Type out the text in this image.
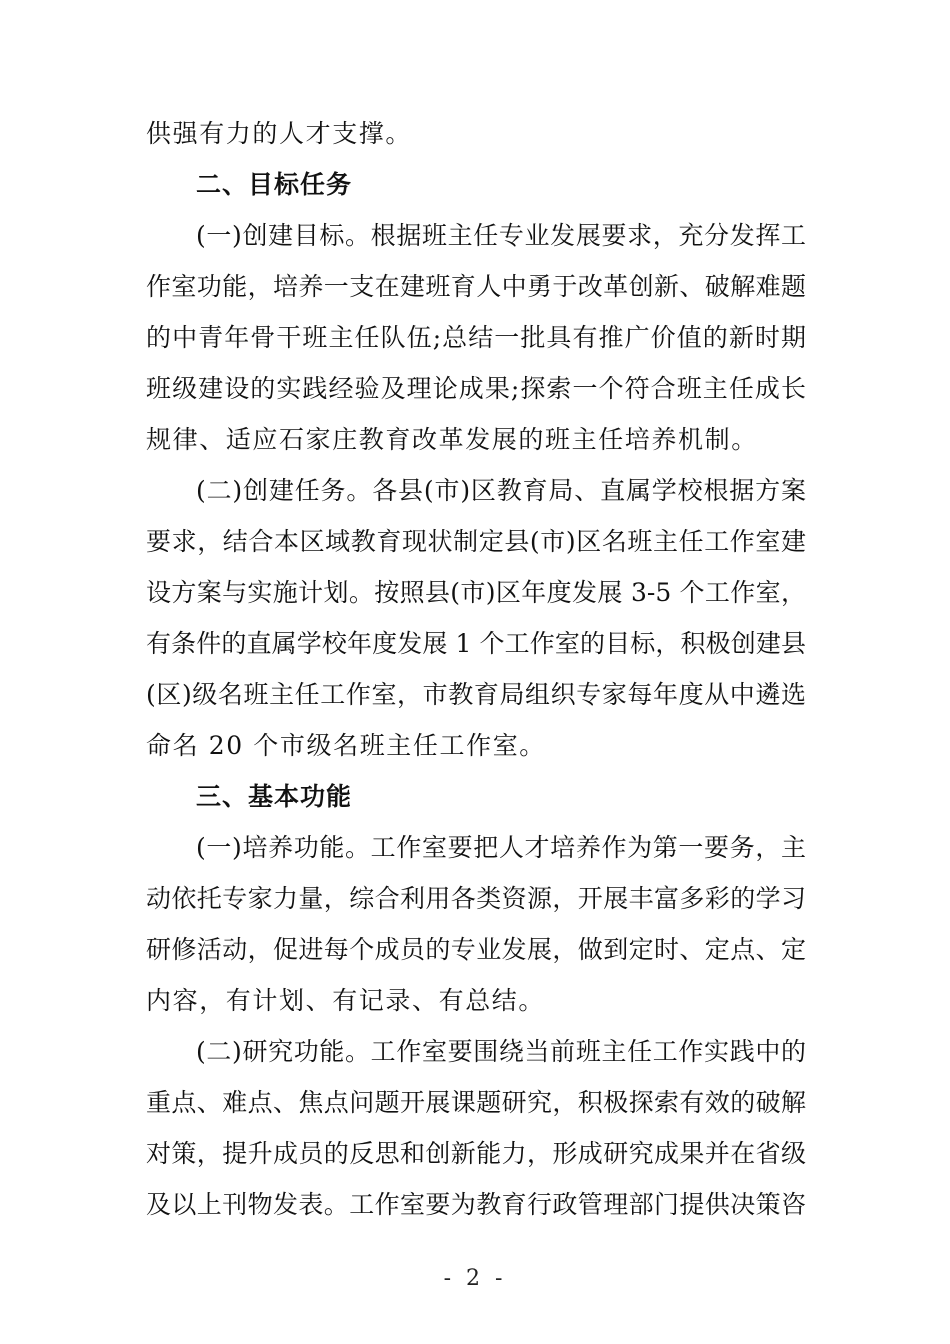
供强有力的人才支撑。
二、目标任务
(一)创建目标。根据班主任专业发展要求，充分发挥工
作室功能，培养一支在建班育人中勇于改革创新、破解难题
的中青年骨干班主任队伍;总结一批具有推广价值的新时期
班级建设的实践经验及理论成果;探索一个符合班主任成长
规律、适应石家庄教育改革发展的班主任培养机制。
(二)创建任务。各县(市)区教育局、直属学校根据方案
要求，结合本区域教育现状制定县(市)区名班主任工作室建
设方案与实施计划。按照县(市)区年度发展 3-5 个工作室，
有条件的直属学校年度发展 1 个工作室的目标，积极创建县
(区)级名班主任工作室，市教育局组织专家每年度从中遴选
命名 20 个市级名班主任工作室。
三、基本功能
(一)培养功能。工作室要把人才培养作为第一要务，主
动依托专家力量，综合利用各类资源，开展丰富多彩的学习
研修活动，促进每个成员的专业发展，做到定时、定点、定
内容，有计划、有记录、有总结。
(二)研究功能。工作室要围绕当前班主任工作实践中的
重点、难点、焦点问题开展课题研究，积极探索有效的破解
对策，提升成员的反思和创新能力，形成研究成果并在省级
及以上刊物发表。工作室要为教育行政管理部门提供决策咨
- 2 -
